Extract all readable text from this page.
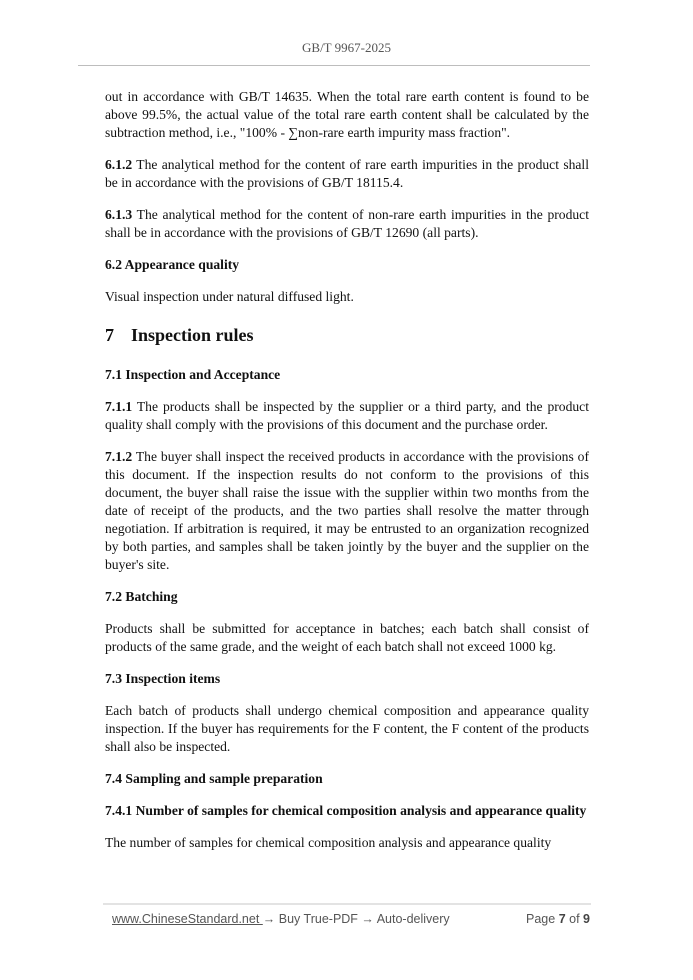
GB/T 9967-2025

out in accordance with GB/T 14635. When the total rare earth content is found to be above 99.5%, the actual value of the total rare earth content shall be calculated by the subtraction method, i.e., "100% - ∑non-rare earth impurity mass fraction".

6.1.2 The analytical method for the content of rare earth impurities in the product shall be in accordance with the provisions of GB/T 18115.4.

6.1.3 The analytical method for the content of non-rare earth impurities in the product shall be in accordance with the provisions of GB/T 12690 (all parts).

6.2 Appearance quality

Visual inspection under natural diffused light.

7 Inspection rules
7.1 Inspection and Acceptance

7.1.1 The products shall be inspected by the supplier or a third party, and the product quality shall comply with the provisions of this document and the purchase order.

7.1.2 The buyer shall inspect the received products in accordance with the provisions of this document. If the inspection results do not conform to the provisions of this document, the buyer shall raise the issue with the supplier within two months from the date of receipt of the products, and the two parties shall resolve the matter through negotiation. If arbitration is required, it may be entrusted to an organization recognized by both parties, and samples shall be taken jointly by the buyer and the supplier on the buyer's site.

7.2 Batching

Products shall be submitted for acceptance in batches; each batch shall consist of products of the same grade, and the weight of each batch shall not exceed 1000 kg.

7.3 Inspection items

Each batch of products shall undergo chemical composition and appearance quality inspection. If the buyer has requirements for the F content, the F content of the products shall also be inspected.

7.4 Sampling and sample preparation

7.4.1 Number of samples for chemical composition analysis and appearance quality

The number of samples for chemical composition analysis and appearance quality

www.ChineseStandard.net → Buy True-PDF → Auto-delivery	Page 7 of 9
